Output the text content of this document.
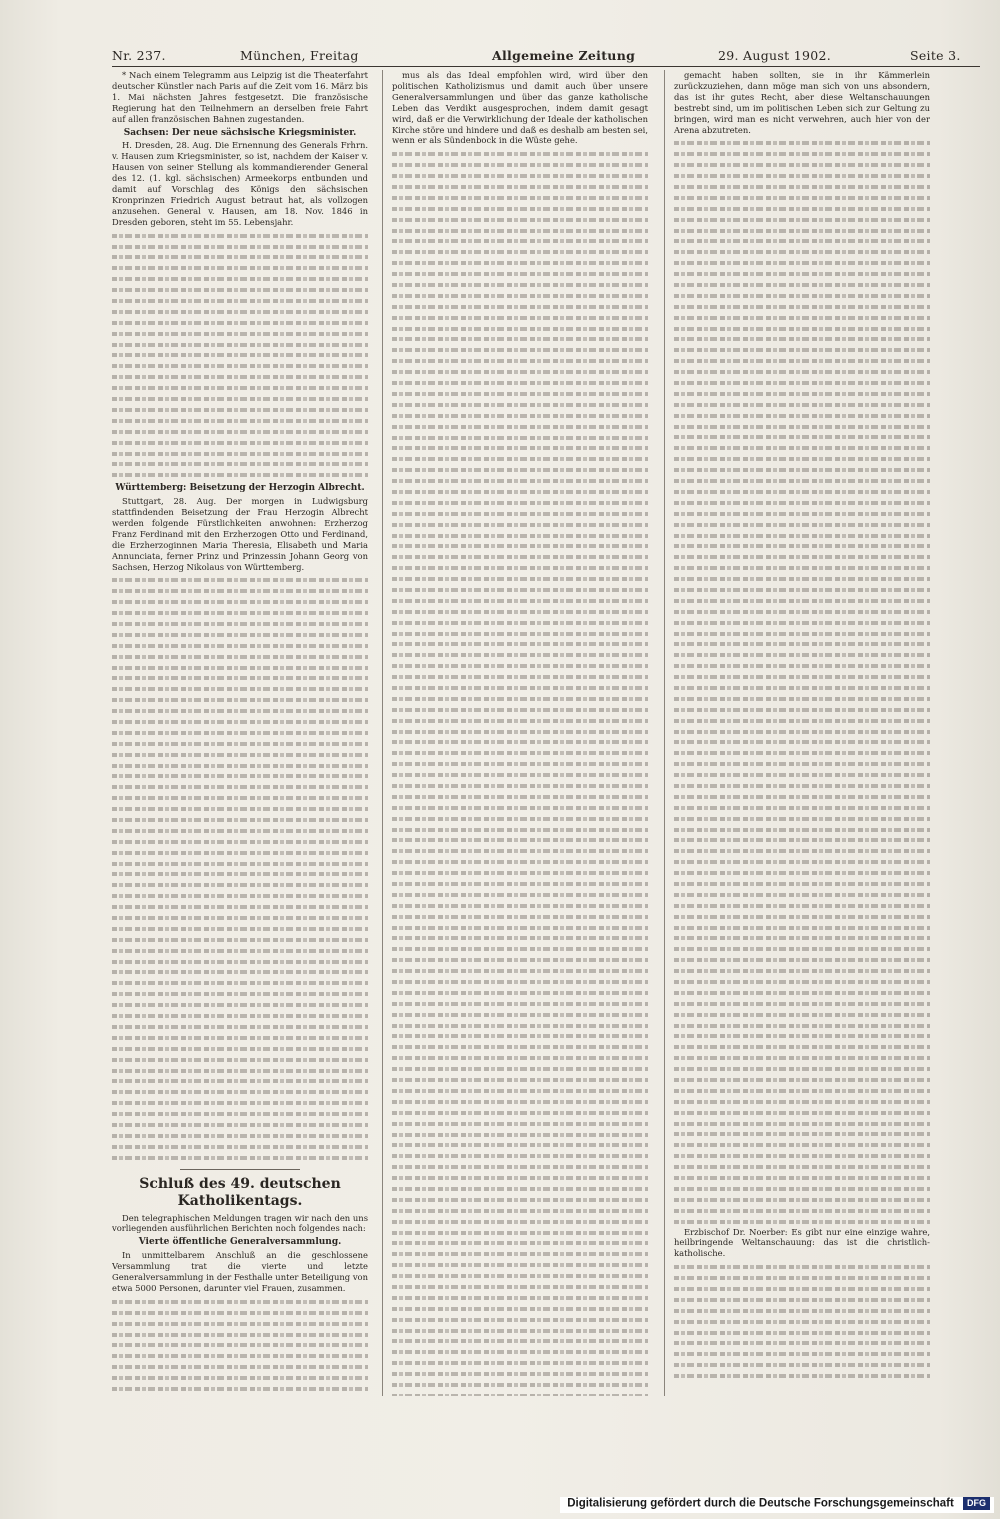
Nr. 237.	München, Freitag	Allgemeine Zeitung	29. August 1902.	Seite 3.

* Nach einem Telegramm aus Leipzig ist die Theaterfahrt deutscher Künstler nach Paris auf die Zeit vom 16. März bis 1. Mai nächsten Jahres festgesetzt. Die französische Regierung hat den Teilnehmern an derselben freie Fahrt auf allen französischen Bahnen zugestanden.

Sachsen: Der neue sächsische Kriegsminister.

H. Dresden, 28. Aug. Die Ernennung des Generals Frhrn. v. Hausen zum Kriegsminister, so ist, nachdem der Kaiser v. Hausen von seiner Stellung als kommandierender General des 12. (1. kgl. sächsischen) Armeekorps entbunden und damit auf Vorschlag des Königs den sächsischen Kronprinzen Friedrich August betraut hat, als vollzogen anzusehen. General v. Hausen, am 18. Nov. 1846 in Dresden geboren, steht im 55. Lebensjahr.

Württemberg: Beisetzung der Herzogin Albrecht.

Stuttgart, 28. Aug. Der morgen in Ludwigsburg stattfindenden Beisetzung der Frau Herzogin Albrecht werden folgende Fürstlichkeiten anwohnen: Erzherzog Franz Ferdinand mit den Erzherzogen Otto und Ferdinand, die Erzherzoginnen Maria Theresia, Elisabeth und Maria Annunciata, ferner Prinz und Prinzessin Johann Georg von Sachsen, Herzog Nikolaus von Württemberg.

Schluß des 49. deutschen Katholikentags.

Den telegraphischen Meldungen tragen wir nach den uns vorliegenden ausführlichen Berichten noch folgendes nach:

Vierte öffentliche Generalversammlung.

In unmittelbarem Anschluß an die geschlossene Versammlung trat die vierte und letzte Generalversammlung in der Festhalle unter Beteiligung von etwa 5000 Personen, darunter viel Frauen, zusammen.

mus als das Ideal empfohlen wird, wird über den politischen Katholizismus und damit auch über unsere Generalversammlungen und über das ganze katholische Leben das Verdikt ausgesprochen, indem damit gesagt wird, daß er die Verwirklichung der Ideale der katholischen Kirche störe und hindere und daß es deshalb am besten sei, wenn er als Sündenbock in die Wüste gehe.

gemacht haben sollten, sie in ihr Kämmerlein zurückzuziehen, dann möge man sich von uns absondern, das ist ihr gutes Recht, aber diese Weltanschauungen bestrebt sind, um im politischen Leben sich zur Geltung zu bringen, wird man es nicht verwehren, auch hier von der Arena abzutreten.

Erzbischof Dr. Noerber: Es gibt nur eine einzige wahre, heilbringende Weltanschauung: das ist die christlich-katholische.

Digitalisierung gefördert durch die Deutsche Forschungsgemeinschaft DFG
